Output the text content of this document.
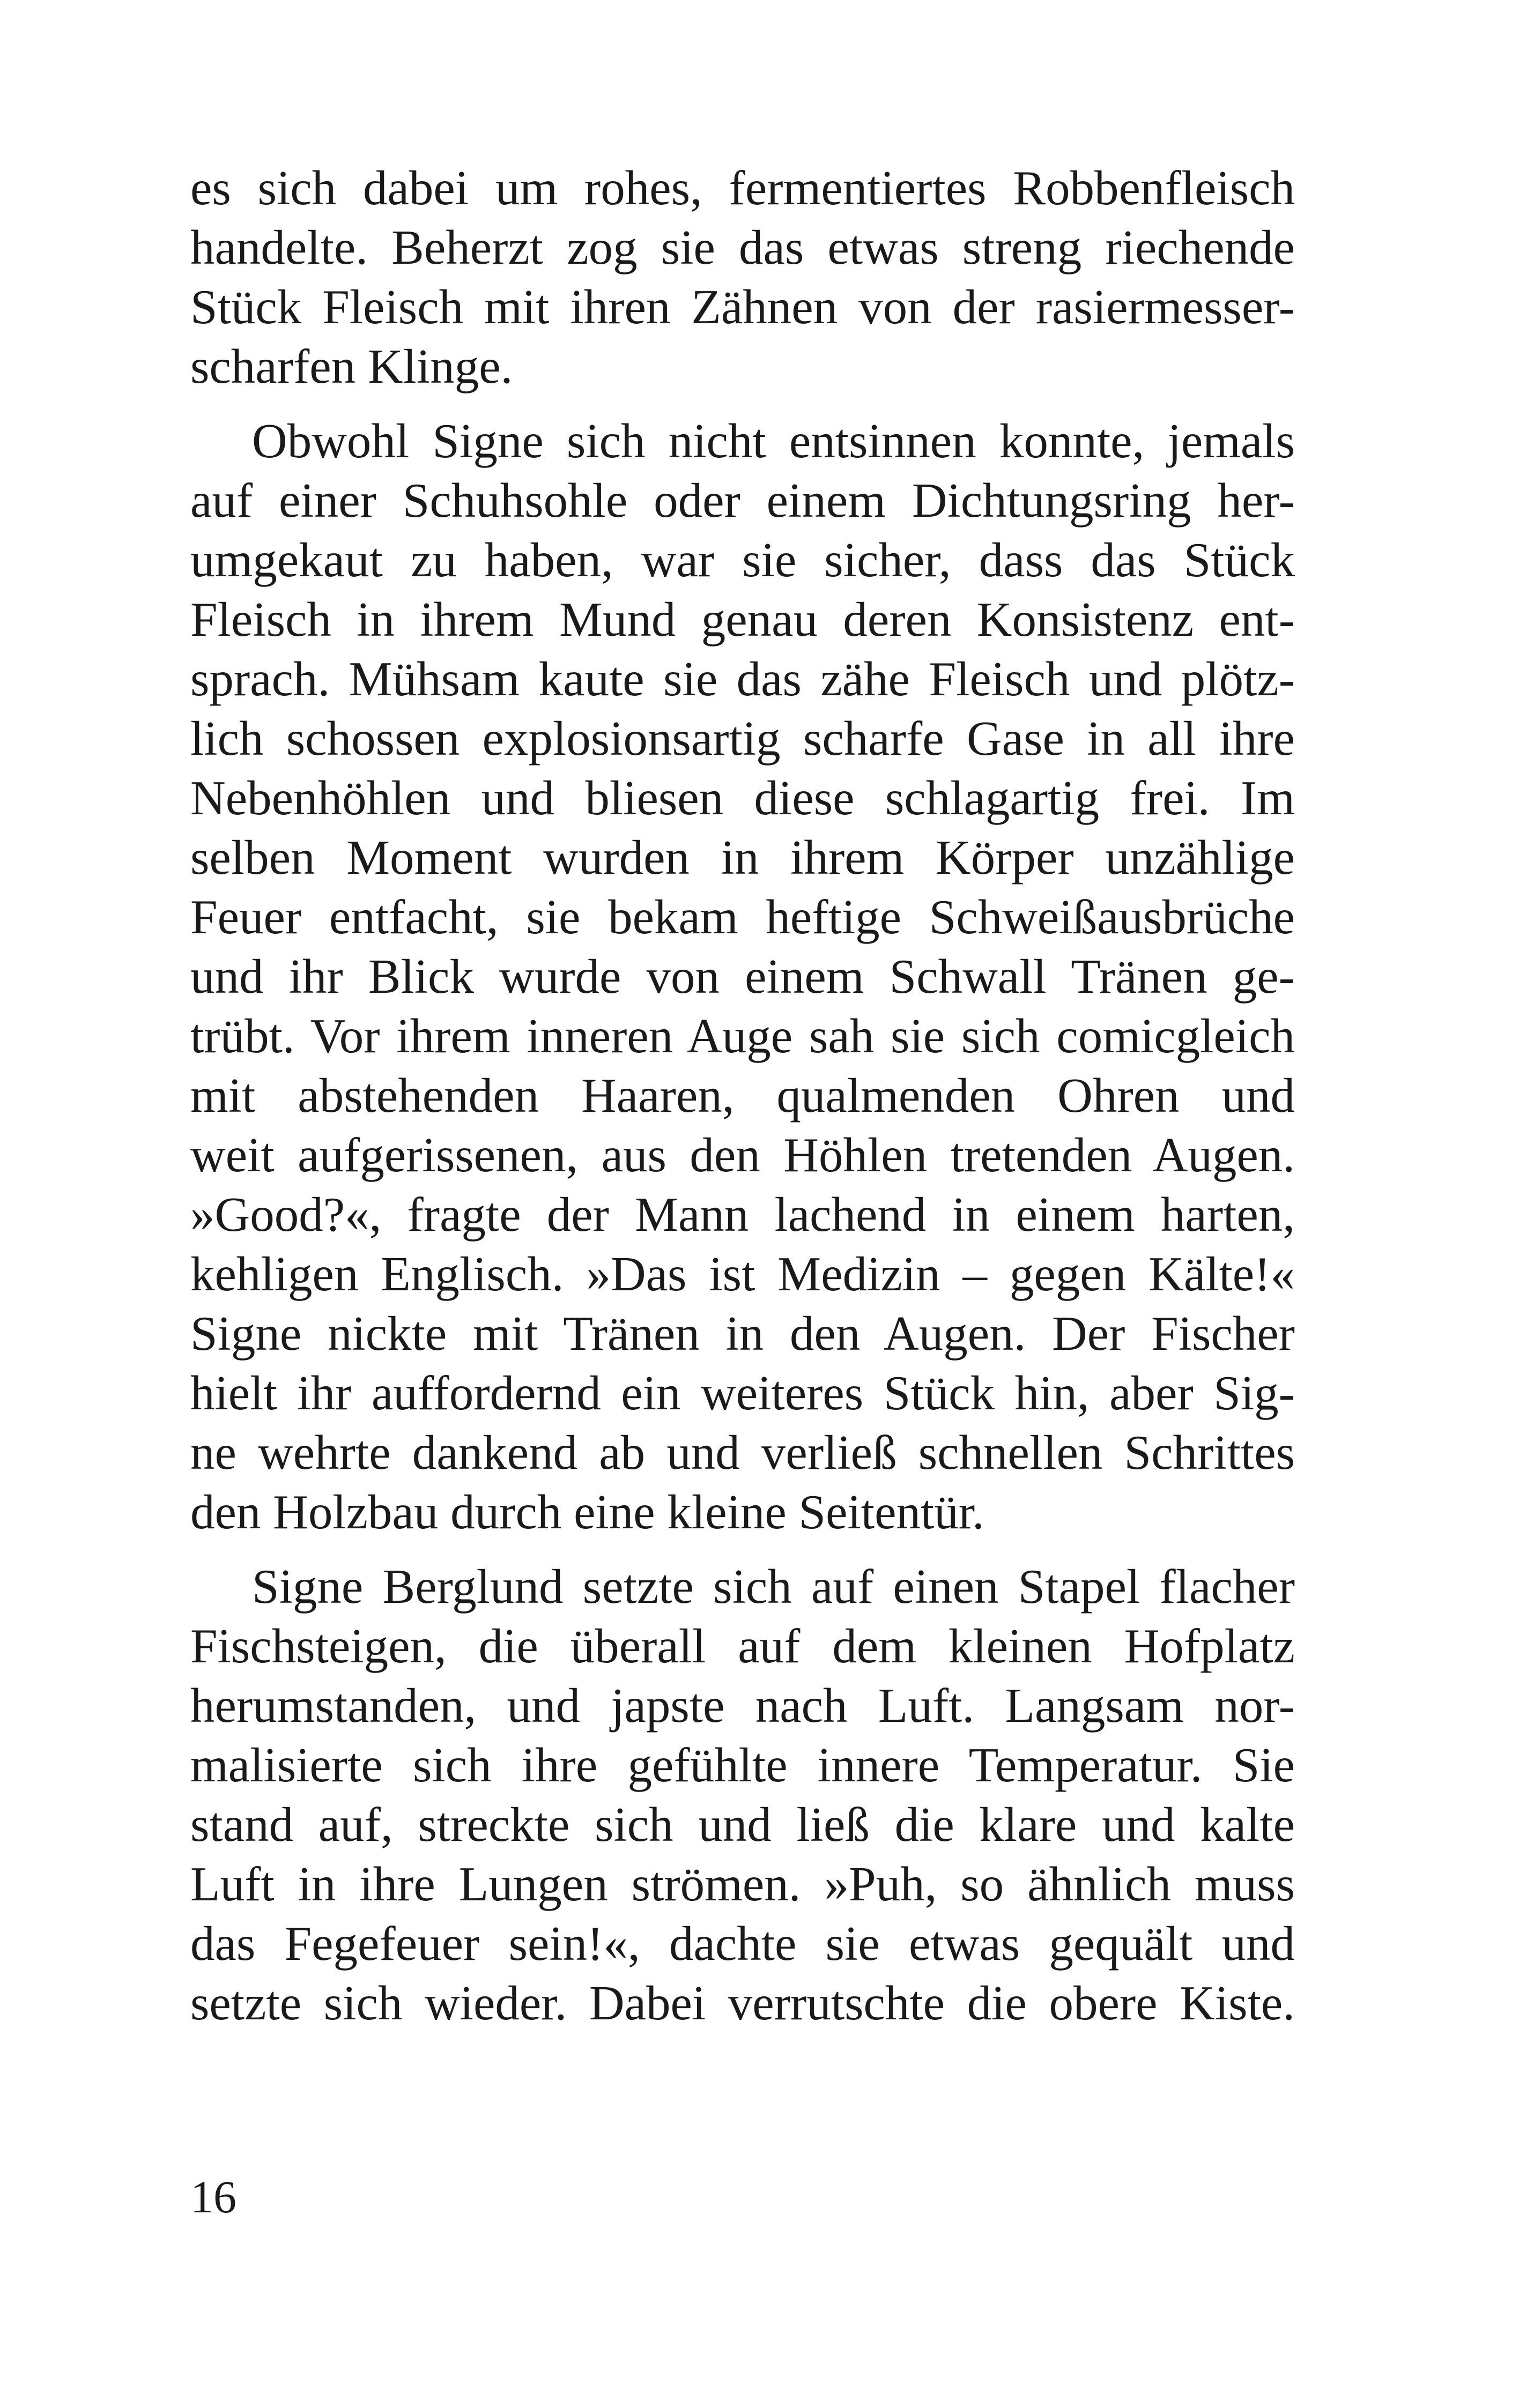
es sich dabei um rohes, fermentiertes Robbenfleisch
handelte. Beherzt zog sie das etwas streng riechende
Stück Fleisch mit ihren Zähnen von der rasiermesser-
scharfen Klinge.

Obwohl Signe sich nicht entsinnen konnte, jemals
auf einer Schuhsohle oder einem Dichtungsring her-
umgekaut zu haben, war sie sicher, dass das Stück
Fleisch in ihrem Mund genau deren Konsistenz ent-
sprach. Mühsam kaute sie das zähe Fleisch und plötz-
lich schossen explosionsartig scharfe Gase in all ihre
Nebenhöhlen und bliesen diese schlagartig frei. Im
selben Moment wurden in ihrem Körper unzählige
Feuer entfacht, sie bekam heftige Schweißausbrüche
und ihr Blick wurde von einem Schwall Tränen ge-
trübt. Vor ihrem inneren Auge sah sie sich comicgleich
mit abstehenden Haaren, qualmenden Ohren und
weit aufgerissenen, aus den Höhlen tretenden Augen.
»Good?«, fragte der Mann lachend in einem harten,
kehligen Englisch. »Das ist Medizin – gegen Kälte!«
Signe nickte mit Tränen in den Augen. Der Fischer
hielt ihr auffordernd ein weiteres Stück hin, aber Sig-
ne wehrte dankend ab und verließ schnellen Schrittes
den Holzbau durch eine kleine Seitentür.

Signe Berglund setzte sich auf einen Stapel flacher
Fischsteigen, die überall auf dem kleinen Hofplatz
herumstanden, und japste nach Luft. Langsam nor-
malisierte sich ihre gefühlte innere Temperatur. Sie
stand auf, streckte sich und ließ die klare und kalte
Luft in ihre Lungen strömen. »Puh, so ähnlich muss
das Fegefeuer sein!«, dachte sie etwas gequält und
setzte sich wieder. Dabei verrutschte die obere Kiste.

16
